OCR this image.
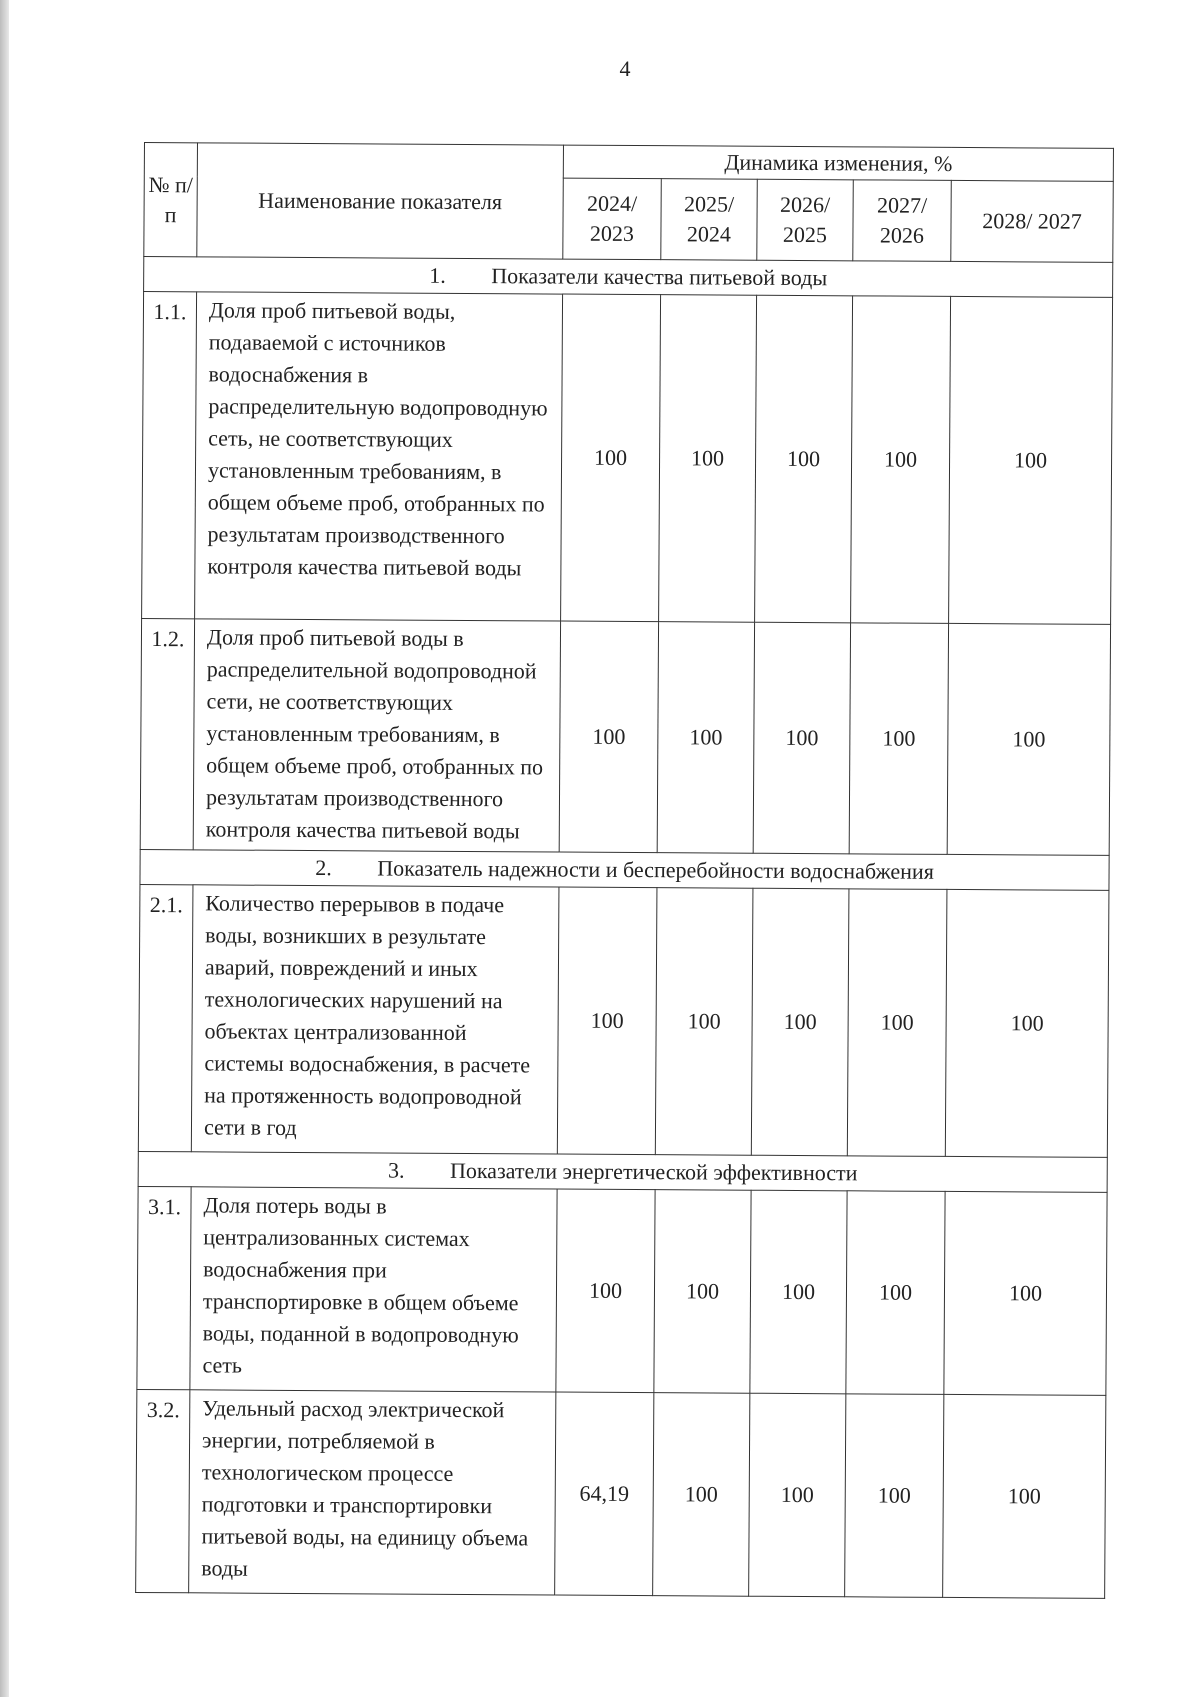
4
№ п/п	Наименование показателя	Динамика изменения, %				
		2024/ 2023	2025/ 2024	2026/ 2025	2027/ 2026	2028/ 2027
1. Показатели качества питьевой воды						
1.1.	Доля проб питьевой воды, подаваемой с источников водоснабжения в распределительную водопроводную сеть, не соответствующих установленным требованиям, в общем объеме проб, отобранных по результатам производственного контроля качества питьевой воды	100	100	100	100	100
1.2.	Доля проб питьевой воды в распределительной водопроводной сети, не соответствующих установленным требованиям, в общем объеме проб, отобранных по результатам производственного контроля качества питьевой воды	100	100	100	100	100
2. Показатель надежности и бесперебойности водоснабжения						
2.1.	Количество перерывов в подаче воды, возникших в результате аварий, повреждений и иных технологических нарушений на объектах централизованной системы водоснабжения, в расчете на протяженность водопроводной сети в год	100	100	100	100	100
3. Показатели энергетической эффективности						
3.1.	Доля потерь воды в централизованных системах водоснабжения при транспортировке в общем объеме воды, поданной в водопроводную сеть	100	100	100	100	100
3.2.	Удельный расход электрической энергии, потребляемой в технологическом процессе подготовки и транспортировки питьевой воды, на единицу объема воды	64,19	100	100	100	100
